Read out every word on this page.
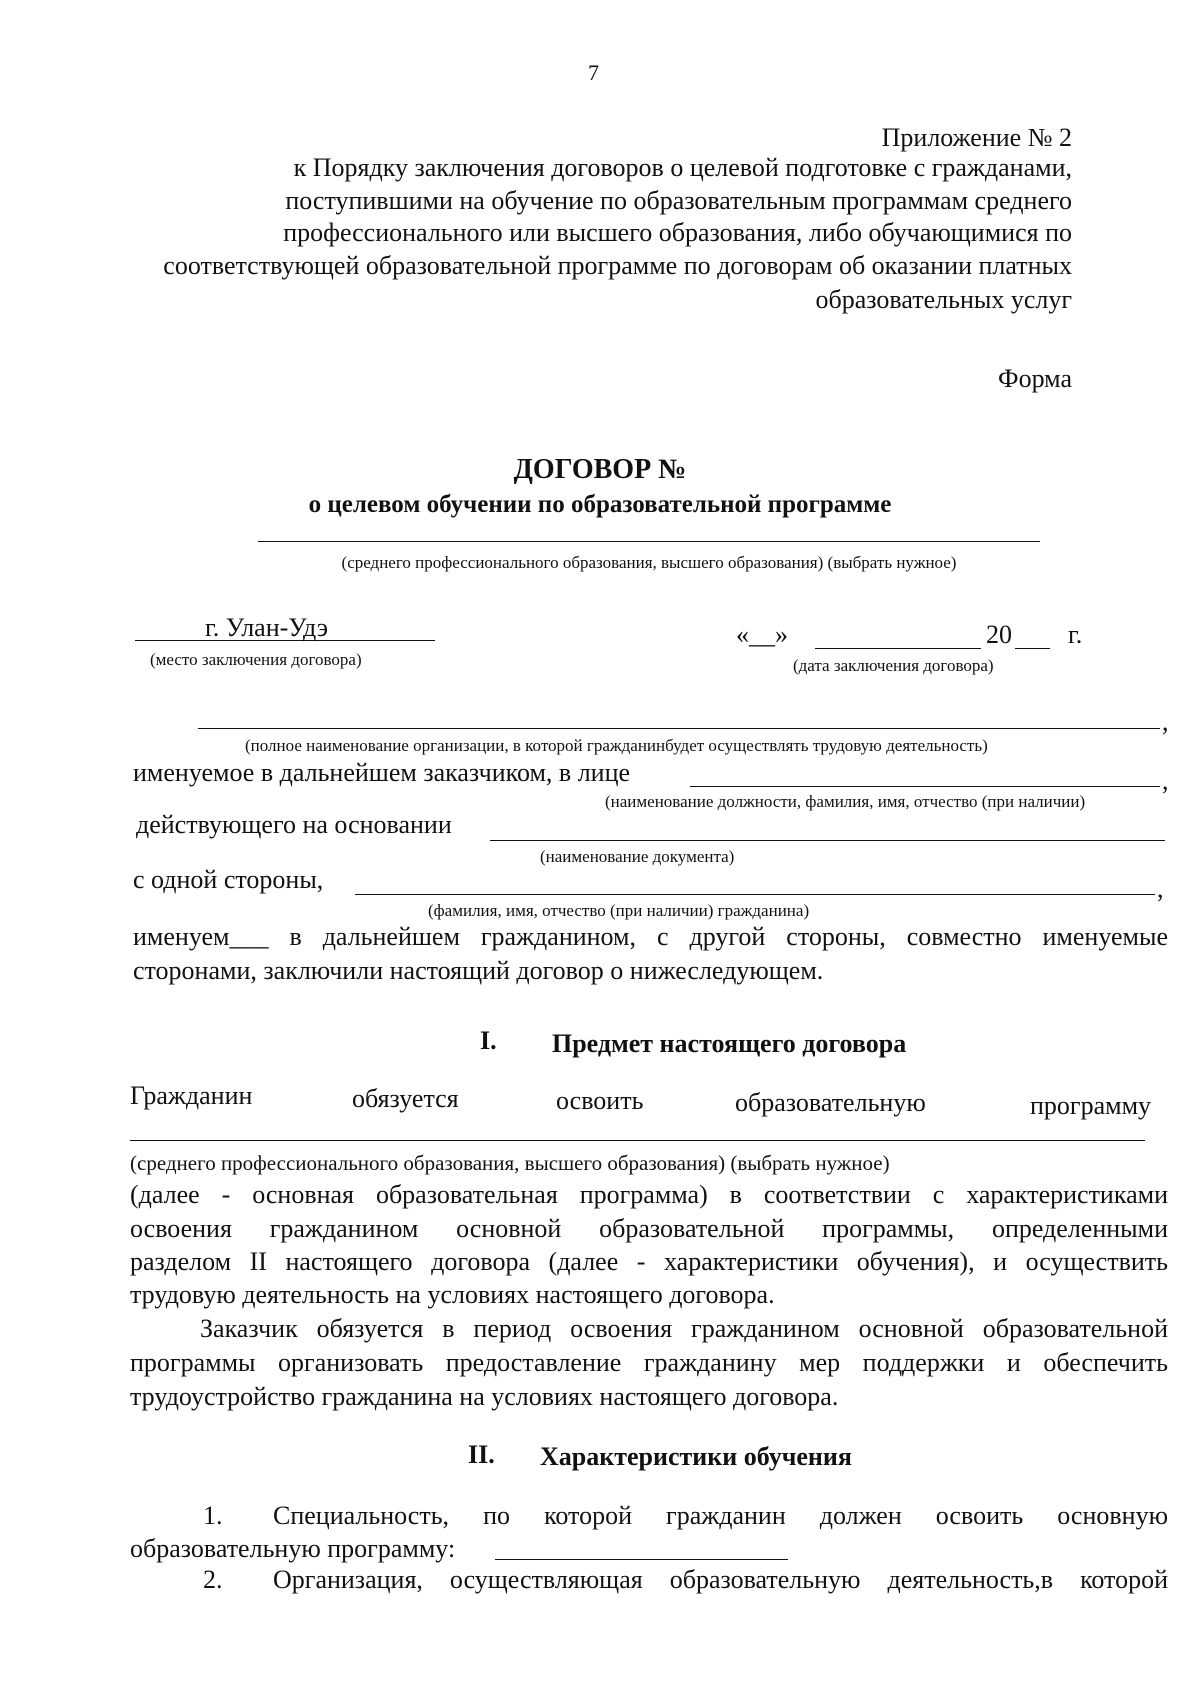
7
Приложение № 2
к Порядку заключения договоров о целевой подготовке с гражданами,
поступившими на обучение по образовательным программам среднего
профессионального или высшего образования, либо обучающимися по
соответствующей образовательной программе по договорам об оказании платных
образовательных услуг
Форма
ДОГОВОР №
о целевом обучении по образовательной программе
(среднего профессионального образования, высшего образования) (выбрать нужное)
г. Улан-Удэ
(место заключения договора)
«__»	20 г.
(дата заключения договора)
,
(полное наименование организации, в которой гражданинбудет осуществлять трудовую деятельность)
именуемое в дальнейшем заказчиком, в лице	,
(наименование должности, фамилия, имя, отчество (при наличии)
действующего на основании
(наименование документа)
с одной стороны,	,
(фамилия, имя, отчество (при наличии) гражданина)
именуем___ в дальнейшем гражданином, с другой стороны, совместно именуемые
сторонами, заключили настоящий договор о нижеследующем.
I. Предмет настоящего договора
Гражданин	обязуется	освоить	образовательную	программу
(среднего профессионального образования, высшего образования) (выбрать нужное)
(далее - основная образовательная программа) в соответствии с характеристиками
освоения гражданином основной образовательной программы, определенными
разделом II настоящего договора (далее - характеристики обучения), и осуществить
трудовую деятельность на условиях настоящего договора.
Заказчик обязуется в период освоения гражданином основной образовательной
программы организовать предоставление гражданину мер поддержки и обеспечить
трудоустройство гражданина на условиях настоящего договора.
II. Характеристики обучения
1. Специальность, по которой гражданин должен освоить основную
образовательную программу:
2. Организация, осуществляющая образовательную деятельность,в которой
